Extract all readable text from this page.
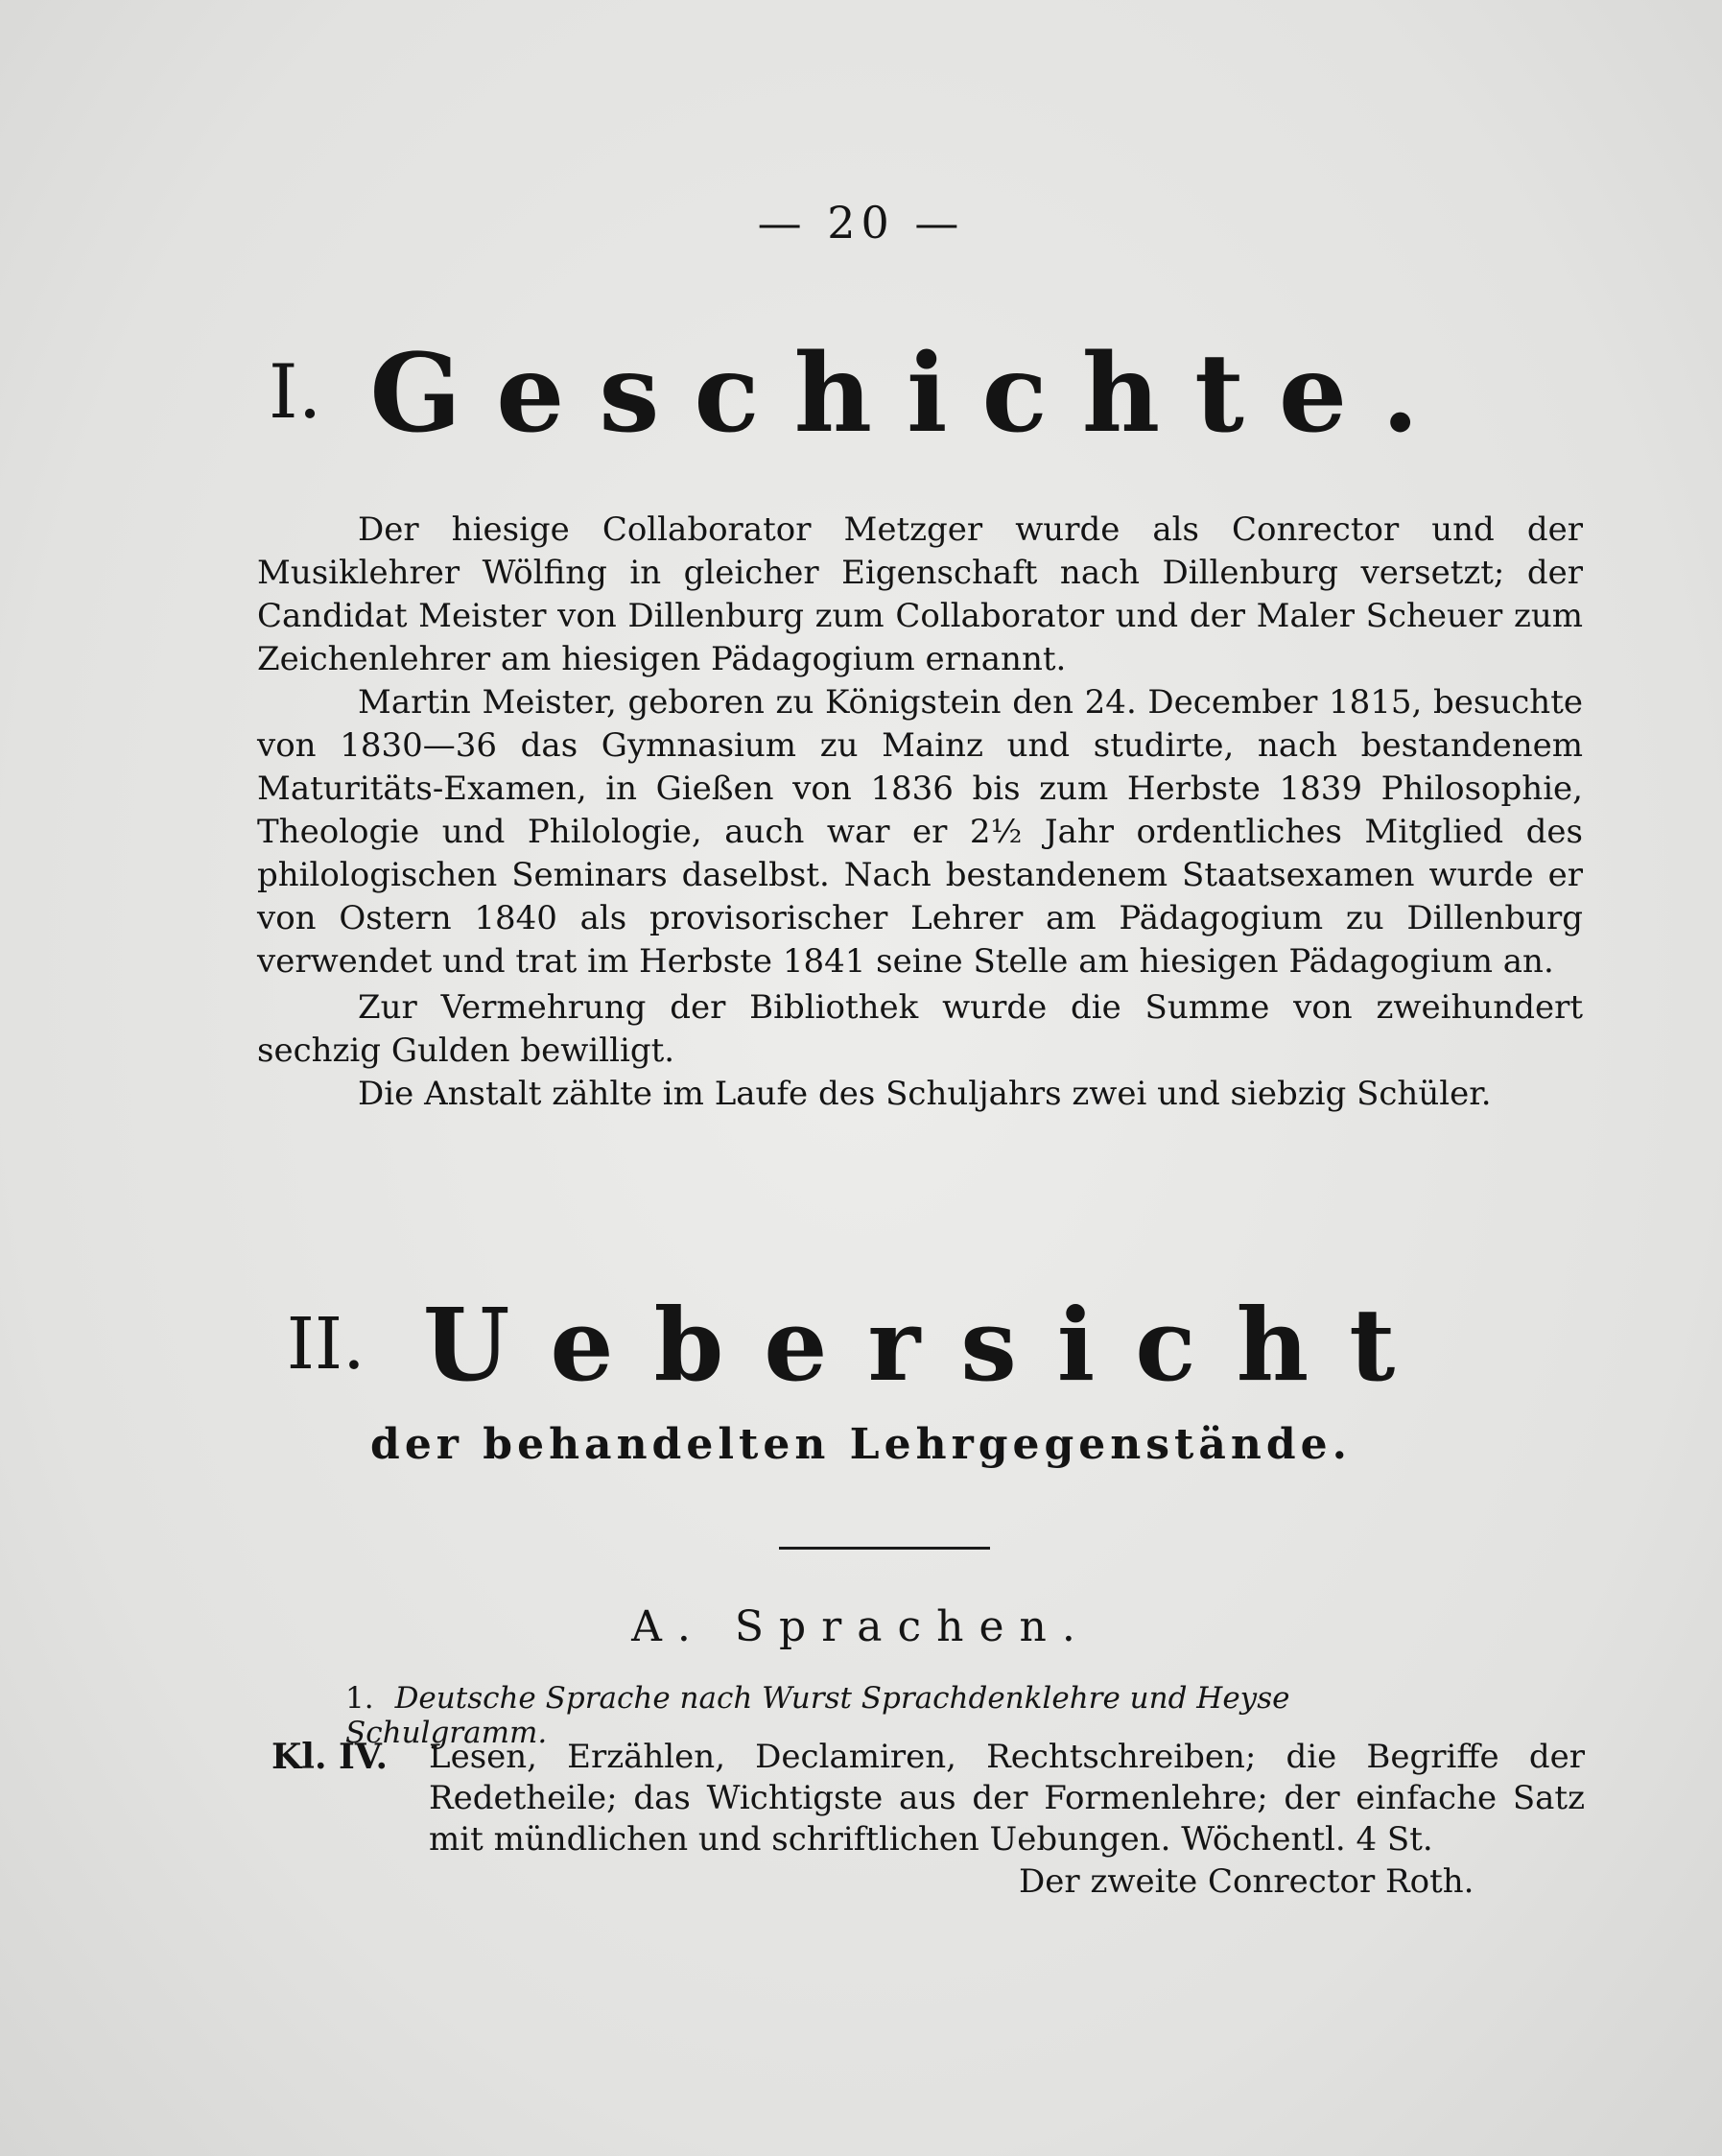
— 20 —
I. Geschichte.
Der hiesige Collaborator Metzger wurde als Conrector und der Musiklehrer Wölfing in gleicher Eigenschaft nach Dillenburg versetzt; der Candidat Meister von Dillenburg zum Collaborator und der Maler Scheuer zum Zeichenlehrer am hiesigen Pädagogium ernannt.
Martin Meister, geboren zu Königstein den 24. December 1815, besuchte von 1830—36 das Gymnasium zu Mainz und studirte, nach bestandenem Maturitäts-Examen, in Gießen von 1836 bis zum Herbste 1839 Philosophie, Theologie und Philologie, auch war er 2½ Jahr ordentliches Mitglied des philologischen Seminars daselbst. Nach bestandenem Staatsexamen wurde er von Ostern 1840 als provisorischer Lehrer am Pädagogium zu Dillenburg verwendet und trat im Herbste 1841 seine Stelle am hiesigen Pädagogium an.
Zur Vermehrung der Bibliothek wurde die Summe von zweihundert sechzig Gulden bewilligt.
Die Anstalt zählte im Laufe des Schuljahrs zwei und siebzig Schüler.
II. Uebersicht
der behandelten Lehrgegenstände.
A. Sprachen.
1. Deutsche Sprache nach Wurst Sprachdenklehre und Heyse Schulgramm.
Kl. IV. Lesen, Erzählen, Declamiren, Rechtschreiben; die Begriffe der Redetheile; das Wichtigste aus der Formenlehre; der einfache Satz mit mündlichen und schriftlichen Uebungen. Wöchentl. 4 St.
Der zweite Conrector Roth.
